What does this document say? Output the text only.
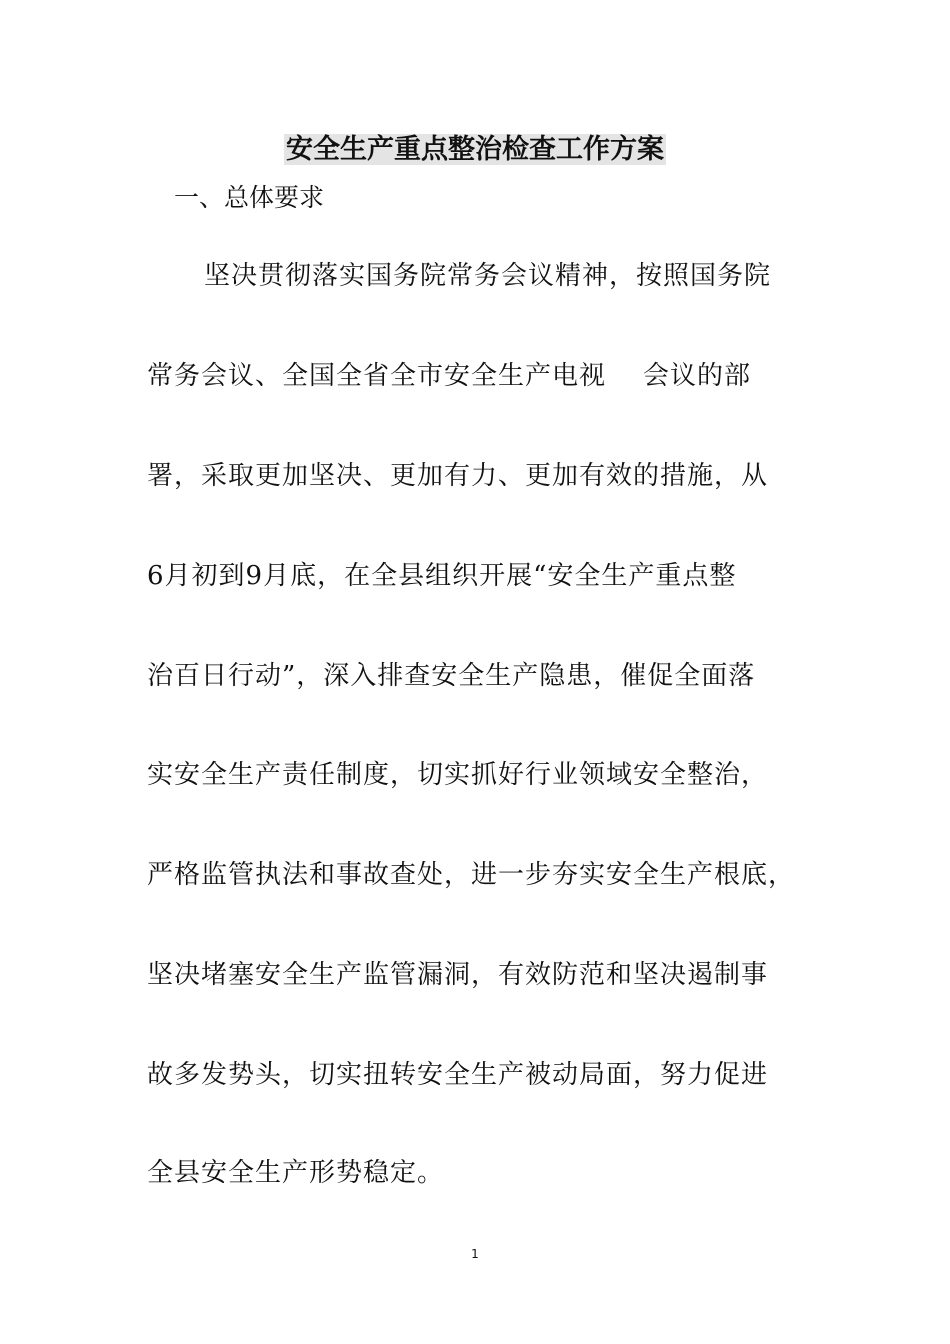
安全生产重点整治检查工作方案
一、总体要求

坚决贯彻落实国务院常务会议精神，按照国务院

常务会议、全国全省全市安全生产电视    会议的部

署，采取更加坚决、更加有力、更加有效的措施，从

6月初到9月底，在全县组织开展“安全生产重点整

治百日行动”，深入排查安全生产隐患，催促全面落

实安全生产责任制度，切实抓好行业领域安全整治，

严格监管执法和事故查处，进一步夯实安全生产根底，

坚决堵塞安全生产监管漏洞，有效防范和坚决遏制事

故多发势头，切实扭转安全生产被动局面，努力促进

全县安全生产形势稳定。

1
